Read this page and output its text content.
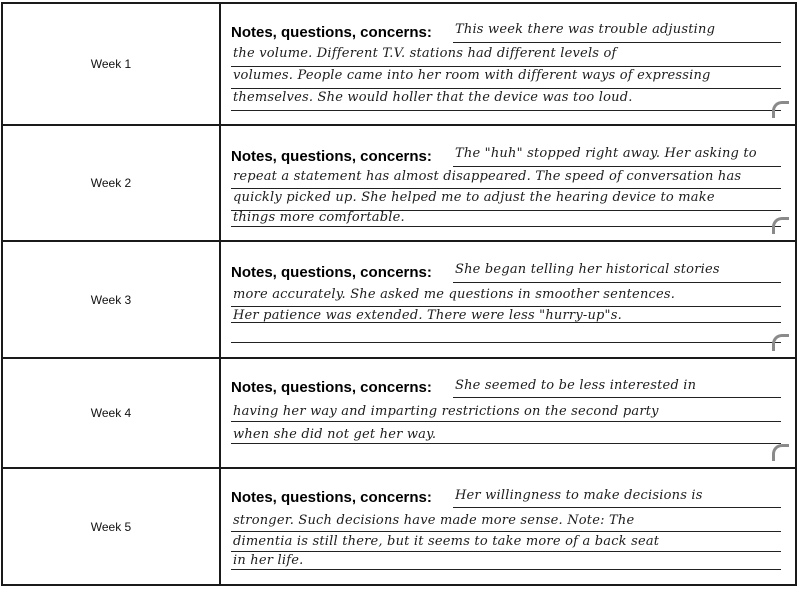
Week 1
Notes, questions, concerns: This week there was trouble adjusting
the volume. Different T.V. stations had different levels of
volumes. People came into her room with different ways of expressing
themselves. She would holler that the device was too loud.
Week 2
Notes, questions, concerns: The "huh" stopped right away. Her asking to
repeat a statement has almost disappeared. The speed of conversation has
quickly picked up. She helped me to adjust the hearing device to make
things more comfortable.
Week 3
Notes, questions, concerns: She began telling her historical stories
more accurately. She asked me questions in smoother sentences.
Her patience was extended. There were less "hurry-up"s.
Week 4
Notes, questions, concerns: She seemed to be less interested in
having her way and imparting restrictions on the second party
when she did not get her way.
Week 5
Notes, questions, concerns: Her willingness to make decisions is
stronger. Such decisions have made more sense. Note: The
dimentia is still there, but it seems to take more of a back seat
in her life.
